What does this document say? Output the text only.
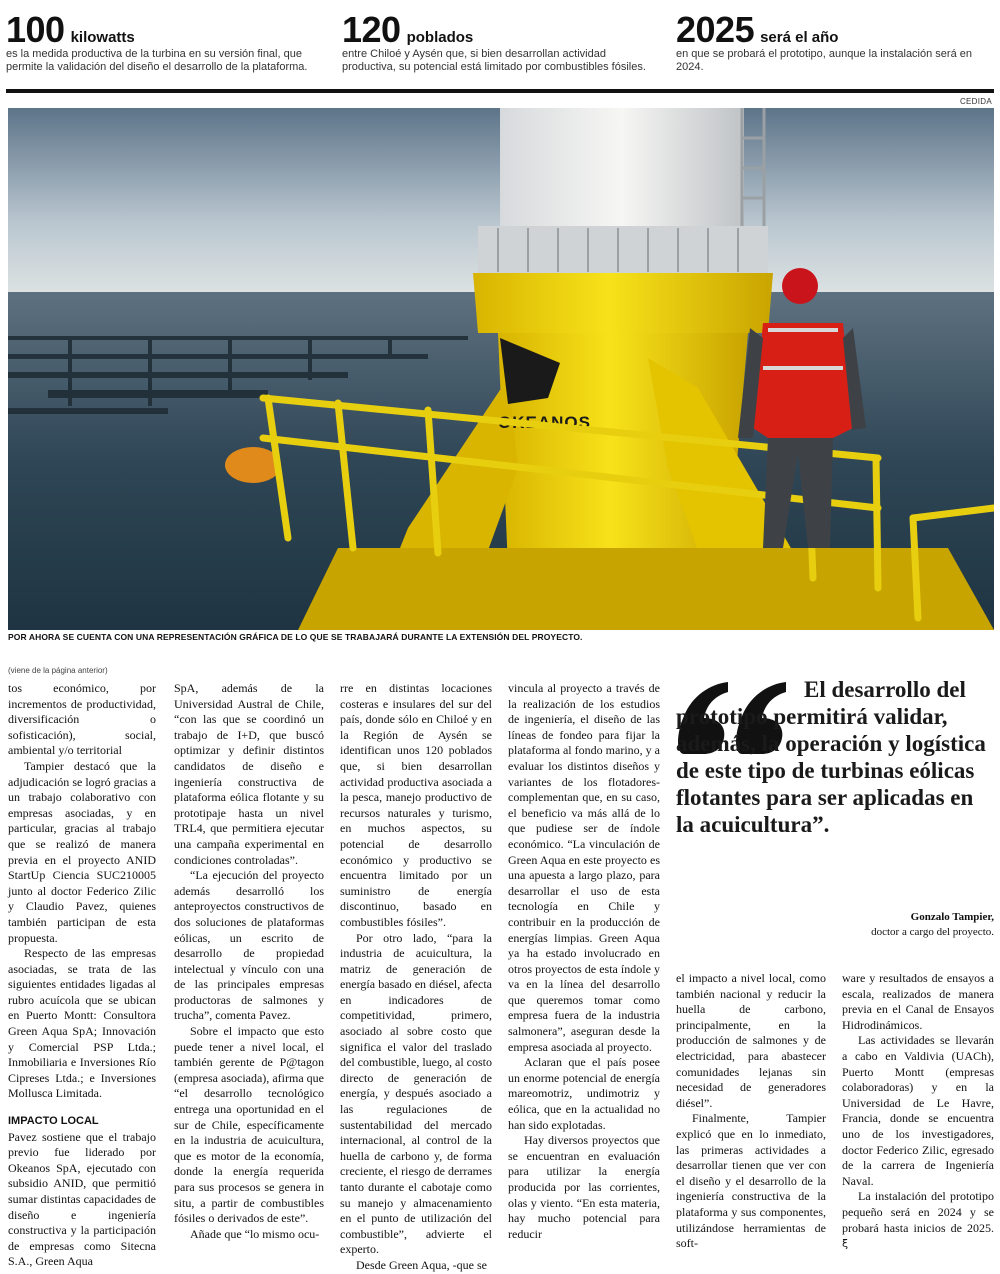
100 kilowatts
es la medida productiva de la turbina en su versión final, que permite la validación del diseño el desarrollo de la plataforma.
120 poblados
entre Chiloé y Aysén que, si bien desarrollan actividad productiva, su potencial está limitado por combustibles fósiles.
2025 será el año
en que se probará el prototipo, aunque la instalación será en 2024.
CEDIDA
OKEANOS
POR AHORA SE CUENTA CON UNA REPRESENTACIÓN GRÁFICA DE LO QUE SE TRABAJARÁ DURANTE LA EXTENSIÓN DEL PROYECTO.
(viene de la página anterior)

tos económico, por incrementos de productividad, diversificación o sofisticación), social, ambiental y/o territorial

Tampier destacó que la adjudicación se logró gracias a un trabajo colaborativo con empresas asociadas, y en particular, gracias al trabajo que se realizó de manera previa en el proyecto ANID StartUp Ciencia SUC210005 junto al doctor Federico Zilic y Claudio Pavez, quienes también participan de esta propuesta.

Respecto de las empresas asociadas, se trata de las siguientes entidades ligadas al rubro acuícola que se ubican en Puerto Montt: Consultora Green Aqua SpA; Innovación y Comercial PSP Ltda.; Inmobiliaria e Inversiones Río Cipreses Ltda.; e Inversiones Mollusca Limitada.

IMPACTO LOCAL

Pavez sostiene que el trabajo previo fue liderado por Okeanos SpA, ejecutado con subsidio ANID, que permitió sumar distintas capacidades de diseño e ingeniería constructiva y la participación de empresas como Sitecna S.A., Green Aqua

SpA, además de la Universidad Austral de Chile, “con las que se coordinó un trabajo de I+D, que buscó optimizar y definir distintos candidatos de diseño e ingeniería constructiva de plataforma eólica flotante y su prototipaje hasta un nivel TRL4, que permitiera ejecutar una campaña experimental en condiciones controladas”.

“La ejecución del proyecto además desarrolló los anteproyectos constructivos de dos soluciones de plataformas eólicas, un escrito de desarrollo de propiedad intelectual y vínculo con una de las principales empresas productoras de salmones y trucha”, comenta Pavez.

Sobre el impacto que esto puede tener a nivel local, el también gerente de P@tagon (empresa asociada), afirma que “el desarrollo tecnológico entrega una oportunidad en el sur de Chile, específicamente en la industria de acuicultura, que es motor de la economía, donde la energía requerida para sus procesos se genera in situ, a partir de combustibles fósiles o derivados de este”.

Añade que “lo mismo ocu-

rre en distintas locaciones costeras e insulares del sur del país, donde sólo en Chiloé y en la Región de Aysén se identifican unos 120 poblados que, si bien desarrollan actividad productiva asociada a la pesca, manejo productivo de recursos naturales y turismo, en muchos aspectos, su potencial de desarrollo económico y productivo se encuentra limitado por un suministro de energía discontinuo, basado en combustibles fósiles”.

Por otro lado, “para la industria de acuicultura, la matriz de generación de energía basado en diésel, afecta en indicadores de competitividad, primero, asociado al sobre costo que significa el valor del traslado del combustible, luego, al costo directo de generación de energía, y después asociado a las regulaciones de sustentabilidad del mercado internacional, al control de la huella de carbono y, de forma creciente, el riesgo de derrames tanto durante el cabotaje como su manejo y almacenamiento en el punto de utilización del combustible”, advierte el experto.

Desde Green Aqua, -que se

vincula al proyecto a través de la realización de los estudios de ingeniería, el diseño de las líneas de fondeo para fijar la plataforma al fondo marino, y a evaluar los distintos diseños y variantes de los flotadores-complementan que, en su caso, el beneficio va más allá de lo que pudiese ser de índole económico. “La vinculación de Green Aqua en este proyecto es una apuesta a largo plazo, para desarrollar el uso de esta tecnología en Chile y contribuir en la producción de energías limpias. Green Aqua ya ha estado involucrado en otros proyectos de esta índole y va en la línea del desarrollo que queremos tomar como empresa fuera de la industria salmonera”, aseguran desde la empresa asociada al proyecto.

Aclaran que el país posee un enorme potencial de energía mareomotriz, undimotriz y eólica, que en la actualidad no han sido explotadas.

Hay diversos proyectos que se encuentran en evaluación para utilizar la energía producida por las corrientes, olas y viento. “En esta materia, hay mucho potencial para reducir

El desarrollo del prototipo permitirá validar, además, la operación y logística de este tipo de turbinas eólicas flotantes para ser aplicadas en la acuicultura”.
Gonzalo Tampier,
doctor a cargo del proyecto.

el impacto a nivel local, como también nacional y reducir la huella de carbono, principalmente, en la producción de salmones y de electricidad, para abastecer comunidades lejanas sin necesidad de generadores diésel”.

Finalmente, Tampier explicó que en lo inmediato, las primeras actividades a desarrollar tienen que ver con el diseño y el desarrollo de la ingeniería constructiva de la plataforma y sus componentes, utilizándose herramientas de soft-

ware y resultados de ensayos a escala, realizados de manera previa en el Canal de Ensayos Hidrodinámicos.

Las actividades se llevarán a cabo en Valdivia (UACh), Puerto Montt (empresas colaboradoras) y en la Universidad de Le Havre, Francia, donde se encuentra uno de los investigadores, doctor Federico Zilic, egresado de la carrera de Ingeniería Naval.

La instalación del prototipo pequeño será en 2024 y se probará hasta inicios de 2025. ξ
